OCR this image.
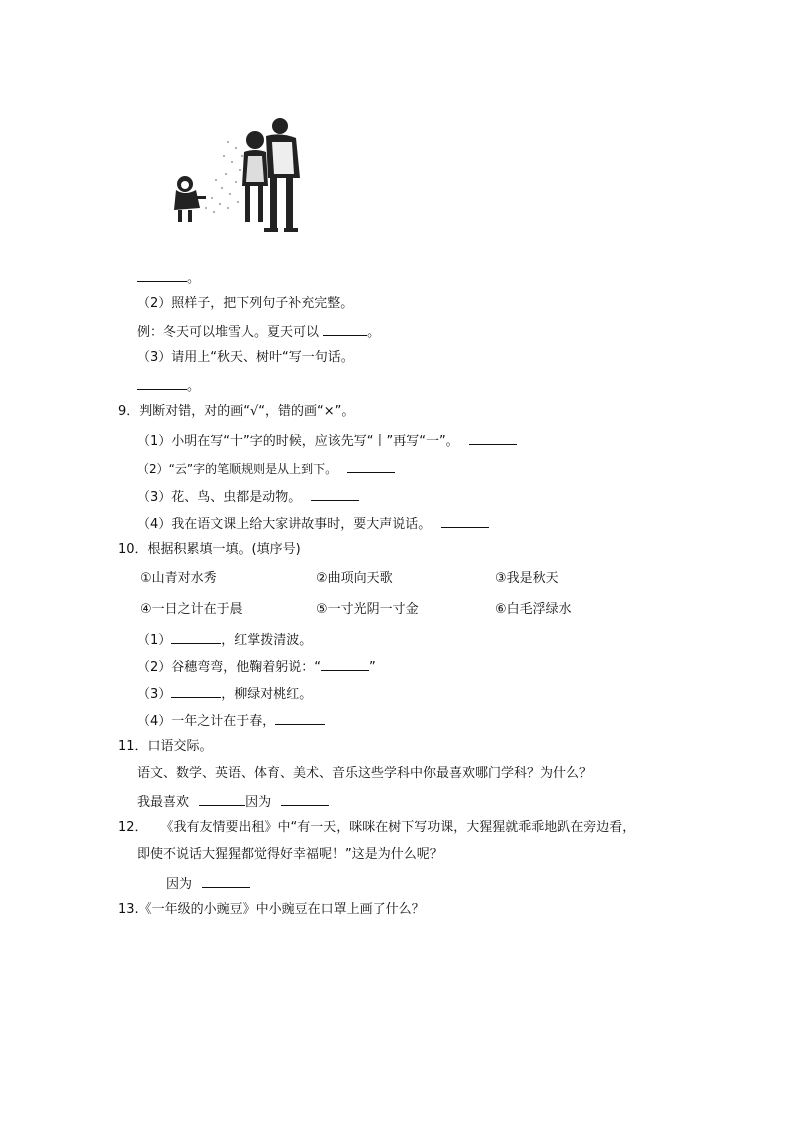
。
（2）照样子，把下列句子补充完整。
例：冬天可以堆雪人。夏天可以	。
（3）请用上“秋天、树叶“写一句话。
。
9．判断对错，对的画“√“，错的画“×”。
（1）小明在写“十”字的时候，应该先写“丨”再写“一”。
（2）“云”字的笔顺规则是从上到下。
（3）花、鸟、虫都是动物。
（4）我在语文课上给大家讲故事时，要大声说话。
10．根据积累填一填。(填序号)
①山青对水秀	②曲项向天歌	③我是秋天
④一日之计在于晨	⑤一寸光阴一寸金	⑥白毛浮绿水
（1）	，红掌拨清波。
（2）谷穗弯弯，他鞠着躬说：“	”
（3）	，柳绿对桃红。
（4）一年之计在于春，
11．口语交际。
语文、数学、英语、体育、美术、音乐这些学科中你最喜欢哪门学科？为什么？
我最喜欢	因为
12．　　《我有友情要出租》中“有一天，咪咪在树下写功课，大猩猩就乖乖地趴在旁边看，
即使不说话大猩猩都觉得好幸福呢！”这是为什么呢？
因为
13.《一年级的小豌豆》中小豌豆在口罩上画了什么？
